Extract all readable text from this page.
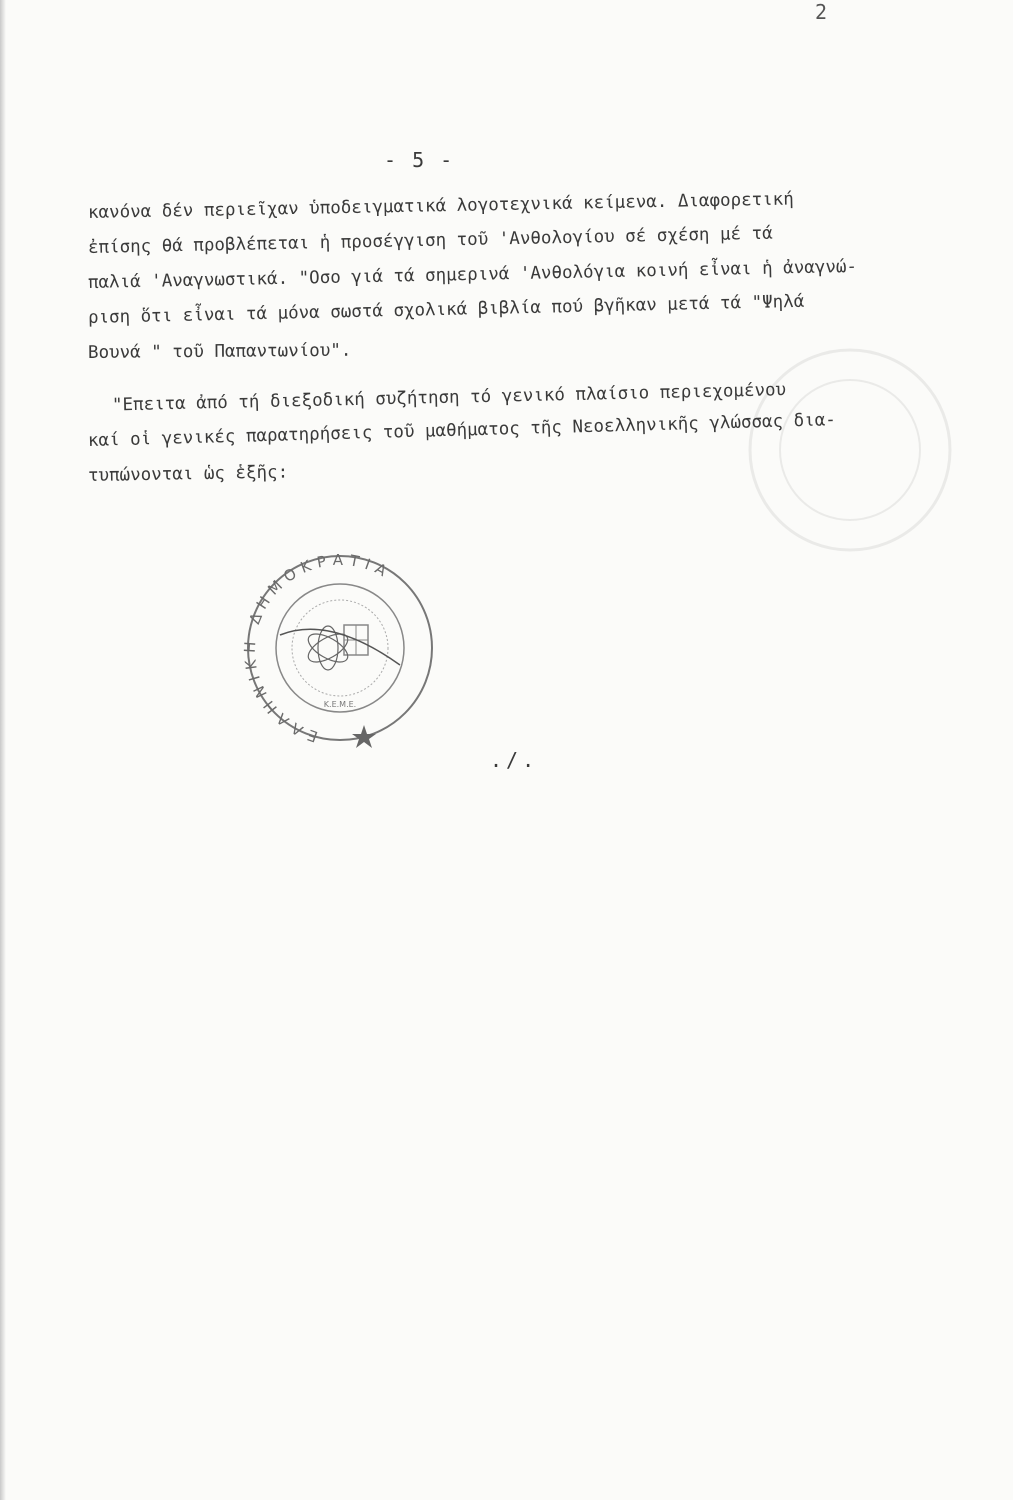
2
- 5 -
κανόνα δέν περιεῖχαν ὑποδειγματικά λογοτεχνικά κείμενα. Διαφορετική
ἐπίσης θά προβλέπεται ἡ προσέγγιση τοῦ 'Ανθολογίου σέ σχέση μέ τά
παλιά 'Αναγνωστικά. "Οσο γιά τά σημερινά 'Ανθολόγια κοινή εἶναι ἡ ἀναγνώ-
ριση ὅτι εἶναι τά μόνα σωστά σχολικά βιβλία πού βγῆκαν μετά τά "Ψηλά
Βουνά " τοῦ Παπαντωνίου".
"Επειτα ἀπό τή διεξοδική συζήτηση τό γενικό πλαίσιο περιεχομένου
καί οἱ γενικές παρατηρήσεις τοῦ μαθήματος τῆς Νεοελληνικῆς γλώσσας δια-
τυπώνονται ὡς ἑξῆς:
ΕΛΛΗΝΙΚΗ ΔΗΜΟΚΡΑΤΙΑ
Κ.Ε.Μ.Ε.
./.
